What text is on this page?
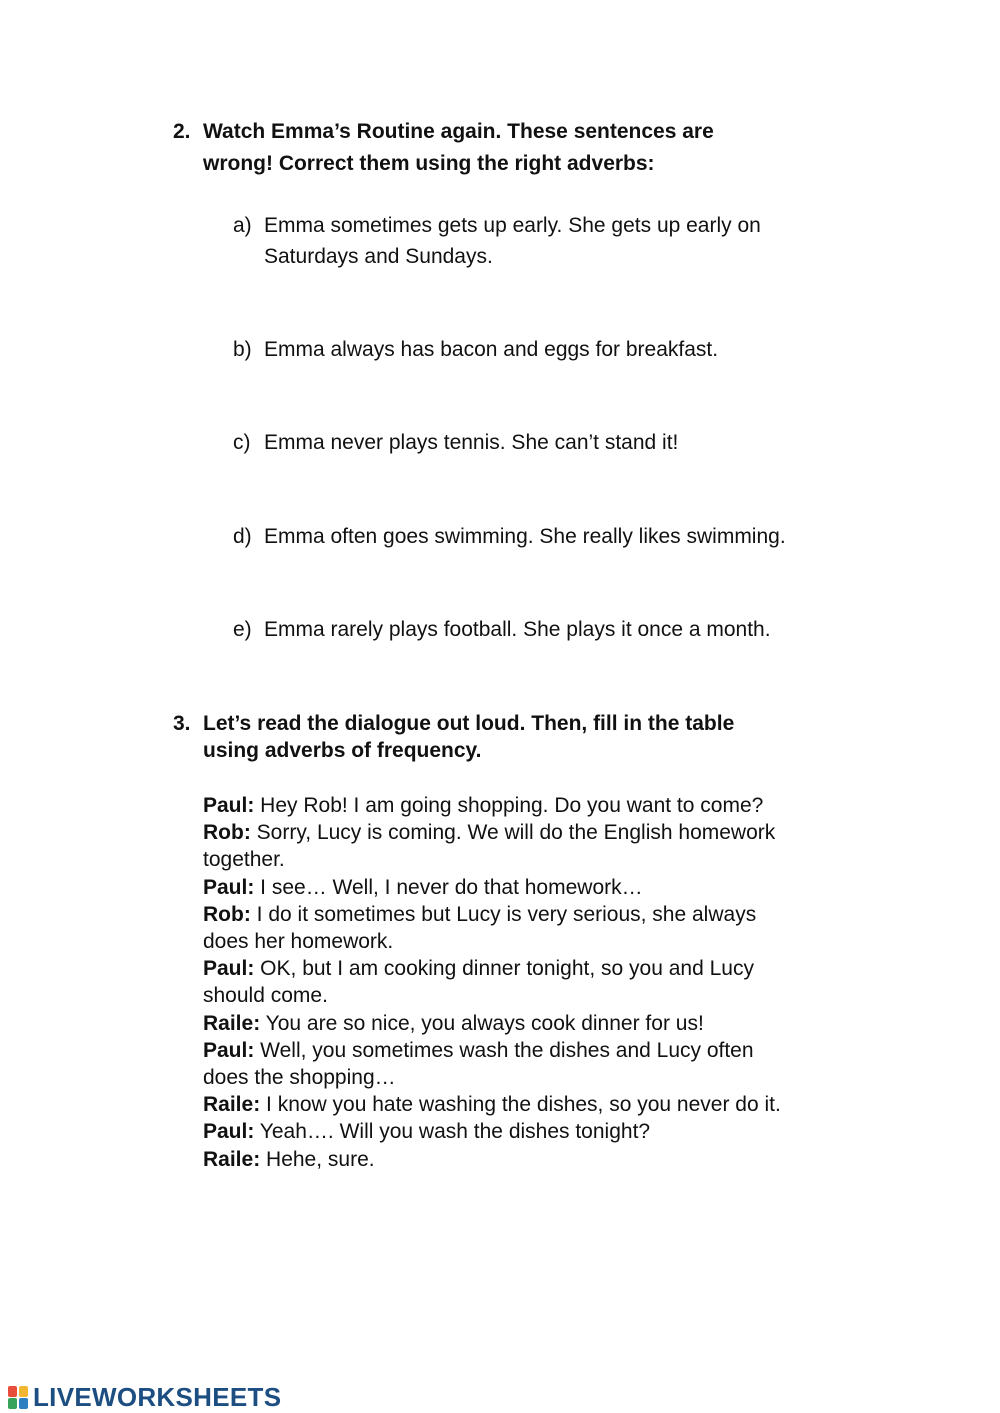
2. Watch Emma’s Routine again. These sentences are
wrong! Correct them using the right adverbs:
a) Emma sometimes gets up early. She gets up early on
Saturdays and Sundays.
b) Emma always has bacon and eggs for breakfast.
c) Emma never plays tennis. She can’t stand it!
d) Emma often goes swimming. She really likes swimming.
e) Emma rarely plays football. She plays it once a month.
3. Let’s read the dialogue out loud. Then, fill in the table
using adverbs of frequency.
Paul: Hey Rob! I am going shopping. Do you want to come?
Rob: Sorry, Lucy is coming. We will do the English homework
together.
Paul: I see… Well, I never do that homework…
Rob: I do it sometimes but Lucy is very serious, she always
does her homework.
Paul: OK, but I am cooking dinner tonight, so you and Lucy
should come.
Raile: You are so nice, you always cook dinner for us!
Paul: Well, you sometimes wash the dishes and Lucy often
does the shopping…
Raile: I know you hate washing the dishes, so you never do it.
Paul: Yeah…. Will you wash the dishes tonight?
Raile: Hehe, sure.
LIVEWORKSHEETS
